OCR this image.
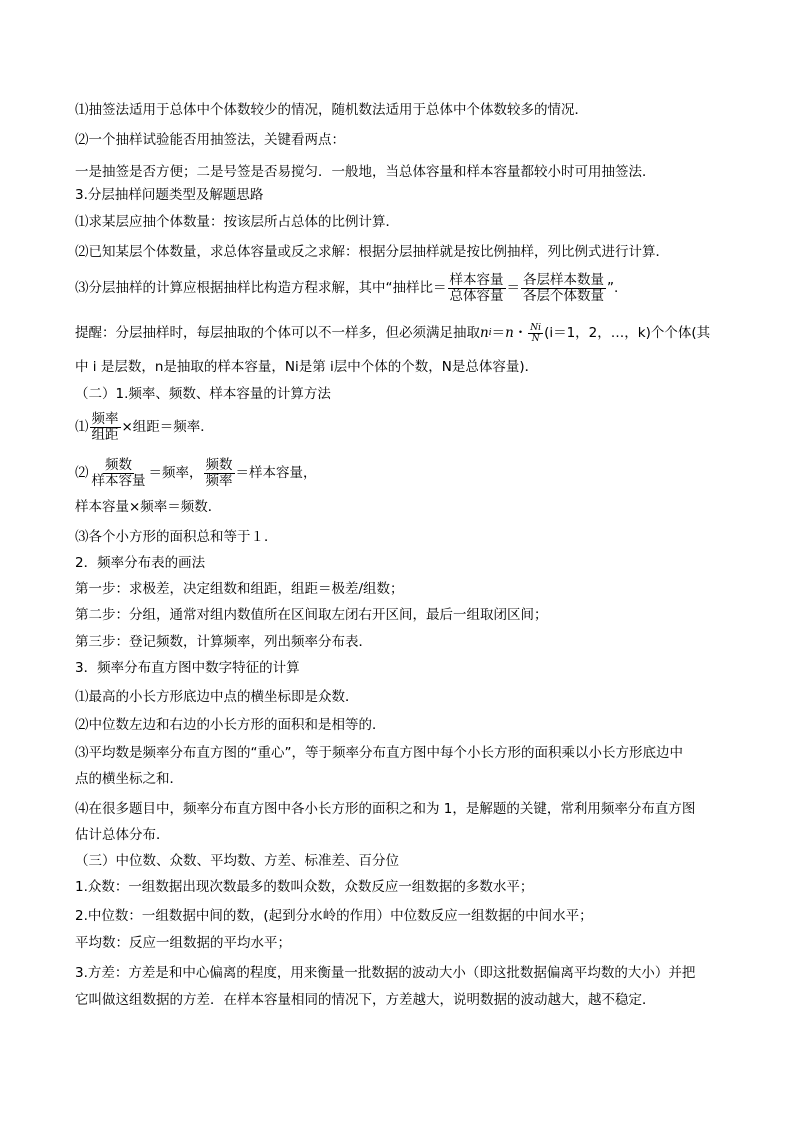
⑴抽签法适用于总体中个体数较少的情况，随机数法适用于总体中个体数较多的情况．
⑵一个抽样试验能否用抽签法，关键看两点：
一是抽签是否方便；二是号签是否易搅匀．一般地，当总体容量和样本容量都较小时可用抽签法．
3.分层抽样问题类型及解题思路
⑴求某层应抽个体数量：按该层所占总体的比例计算．
⑵已知某层个体数量，求总体容量或反之求解：根据分层抽样就是按比例抽样，列比例式进行计算．
⑶分层抽样的计算应根据抽样比构造方程求解，其中“抽样比＝ $\frac{\text{样本容量}}{\text{总体容量}} = \frac{\text{各层样本数量}}{\text{各层个体数量}}$ ”.
提醒：分层抽样时，每层抽取的个体可以不一样多，但必须满足抽取 n i ＝ n ・ $\frac{Ni}{N} (i=1$，2，…，k)个个体(其
中 i 是层数，n是抽取的样本容量，Ni是第 i层中个体的个数，N是总体容量)．
（二）1.频率、频数、样本容量的计算方法
⑴ $\frac{\text{频率}}{\text{组距}}$ ×组距＝频率．
⑵ $\frac{\text{频数}}{\text{样本容量}}$ ＝频率， $\frac{\text{频数}}{\text{频率}}$ ＝样本容量，
样本容量×频率＝频数．
⑶各个小方形的面积总和等于１．
2．频率分布表的画法
第一步：求极差，决定组数和组距，组距＝极差/组数；
第二步：分组，通常对组内数值所在区间取左闭右开区间，最后一组取闭区间；
第三步：登记频数，计算频率，列出频率分布表．
3．频率分布直方图中数字特征的计算
⑴最高的小长方形底边中点的横坐标即是众数．
⑵中位数左边和右边的小长方形的面积和是相等的．
⑶平均数是频率分布直方图的“重心”，等于频率分布直方图中每个小长方形的面积乘以小长方形底边中
点的横坐标之和．
⑷在很多题目中，频率分布直方图中各小长方形的面积之和为 1，是解题的关键，常利用频率分布直方图
估计总体分布．
（三）中位数、众数、平均数、方差、标准差、百分位
1.众数：一组数据出现次数最多的数叫众数，众数反应一组数据的多数水平；
2.中位数：一组数据中间的数，(起到分水岭的作用）中位数反应一组数据的中间水平；
平均数：反应一组数据的平均水平；
3.方差：方差是和中心偏离的程度，用来衡量一批数据的波动大小（即这批数据偏离平均数的大小）并把
它叫做这组数据的方差．在样本容量相同的情况下，方差越大，说明数据的波动越大，越不稳定．
